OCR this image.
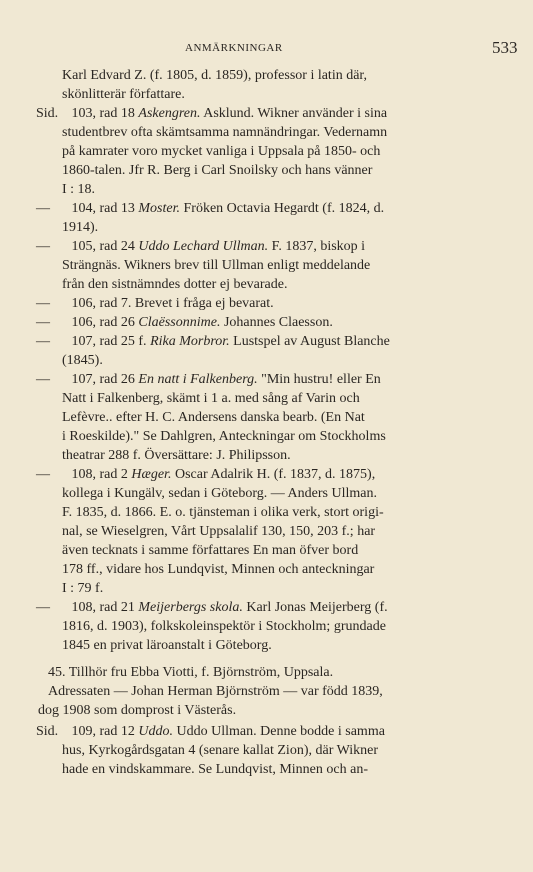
ANMÄRKNINGAR	533
Karl Edvard Z. (f. 1805, d. 1859), professor i latin där,
skönlitterär författare.
Sid. 103, rad 18 Askengren. Asklund. Wikner använder i sina
studentbrev ofta skämtsamma namnändringar. Vedernamn
på kamrater voro mycket vanliga i Uppsala på 1850- och
1860-talen. Jfr R. Berg i Carl Snoilsky och hans vänner
I : 18.
— 104, rad 13 Moster. Fröken Octavia Hegardt (f. 1824, d.
1914).
— 105, rad 24 Uddo Lechard Ullman. F. 1837, biskop i
Strängnäs. Wikners brev till Ullman enligt meddelande
från den sistnämndes dotter ej bevarade.
— 106, rad 7. Brevet i fråga ej bevarat.
— 106, rad 26 Claëssonnime. Johannes Claesson.
— 107, rad 25 f. Rika Morbror. Lustspel av August Blanche
(1845).
— 107, rad 26 En natt i Falkenberg. "Min hustru! eller En
Natt i Falkenberg, skämt i 1 a. med sång af Varin och
Lefèvre.. efter H. C. Andersens danska bearb. (En Nat
i Roeskilde)." Se Dahlgren, Anteckningar om Stockholms
theatrar 288 f. Översättare: J. Philipsson.
— 108, rad 2 Hæger. Oscar Adalrik H. (f. 1837, d. 1875),
kollega i Kungälv, sedan i Göteborg. — Anders Ullman.
F. 1835, d. 1866. E. o. tjänsteman i olika verk, stort origi-
nal, se Wieselgren, Vårt Uppsalalif 130, 150, 203 f.; har
även tecknats i samme författares En man öfver bord
178 ff., vidare hos Lundqvist, Minnen och anteckningar
I : 79 f.
— 108, rad 21 Meijerbergs skola. Karl Jonas Meijerberg (f.
1816, d. 1903), folkskoleinspektör i Stockholm; grundade
1845 en privat läroanstalt i Göteborg.
45. Tillhör fru Ebba Viotti, f. Björnström, Uppsala.
Adressaten — Johan Herman Björnström — var född 1839,
dog 1908 som domprost i Västerås.
Sid. 109, rad 12 Uddo. Uddo Ullman. Denne bodde i samma
hus, Kyrkogårdsgatan 4 (senare kallat Zion), där Wikner
hade en vindskammare. Se Lundqvist, Minnen och an-
